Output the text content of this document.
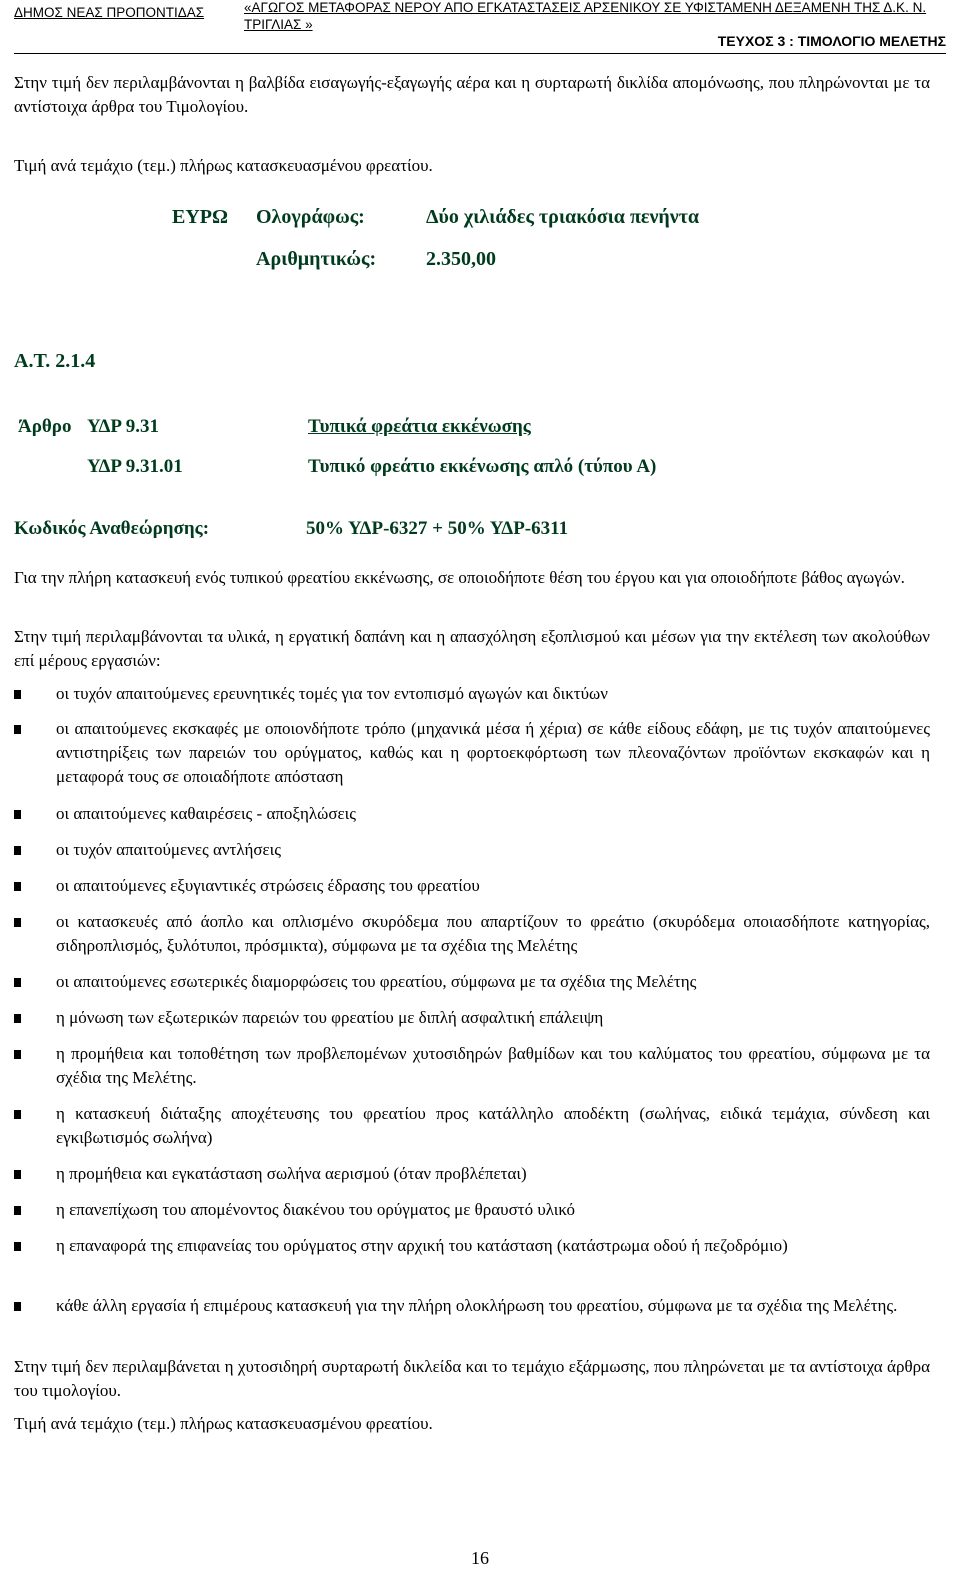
ΔΗΜΟΣ ΝΕΑΣ ΠΡΟΠΟΝΤΙΔΑΣ	«ΑΓΩΓΟΣ ΜΕΤΑΦΟΡΑΣ ΝΕΡΟΥ ΑΠΟ ΕΓΚΑΤΑΣΤΑΣΕΙΣ ΑΡΣΕΝΙΚΟΥ ΣΕ ΥΦΙΣΤΑΜΕΝΗ ΔΕΞΑΜΕΝΗ ΤΗΣ Δ.Κ. Ν. ΤΡΙΓΛΙΑΣ »
ΤΕΥΧΟΣ 3 : ΤΙΜΟΛΟΓΙΟ ΜΕΛΕΤΗΣ
Στην τιμή δεν περιλαμβάνονται η βαλβίδα εισαγωγής-εξαγωγής αέρα και η συρταρωτή δικλίδα απομόνωσης, που πληρώνονται με τα αντίστοιχα άρθρα του Τιμολογίου.
Τιμή ανά τεμάχιο (τεμ.) πλήρως κατασκευασμένου φρεατίου.
ΕΥΡΩ Ολογράφως:	Δύο χιλιάδες τριακόσια πενήντα
Αριθμητικώς: 2.350,00
Α.Τ. 2.1.4
Άρθρο ΥΔΡ 9.31	Τυπικά φρεάτια εκκένωσης
ΥΔΡ 9.31.01	Τυπικό φρεάτιο εκκένωσης απλό (τύπου Α)
Κωδικός Αναθεώρησης:	50% ΥΔΡ-6327 + 50% ΥΔΡ-6311
Για την πλήρη κατασκευή ενός τυπικού φρεατίου εκκένωσης, σε οποιοδήποτε θέση του έργου και για οποιοδήποτε βάθος αγωγών.
Στην τιμή περιλαμβάνονται τα υλικά, η εργατική δαπάνη και η απασχόληση εξοπλισμού και μέσων για την εκτέλεση των ακολούθων επί μέρους εργασιών:
οι τυχόν απαιτούμενες ερευνητικές τομές για τον εντοπισμό αγωγών και δικτύων
οι απαιτούμενες εκσκαφές με οποιονδήποτε τρόπο (μηχανικά μέσα ή χέρια) σε κάθε είδους εδάφη, με τις τυχόν απαιτούμενες αντιστηρίξεις των παρειών του ορύγματος, καθώς και η φορτοεκφόρτωση των πλεοναζόντων προϊόντων εκσκαφών και η μεταφορά τους σε οποιαδήποτε απόσταση
οι απαιτούμενες καθαιρέσεις - αποξηλώσεις
οι τυχόν απαιτούμενες αντλήσεις
οι απαιτούμενες εξυγιαντικές στρώσεις έδρασης του φρεατίου
οι κατασκευές από άοπλο και οπλισμένο σκυρόδεμα που απαρτίζουν το φρεάτιο (σκυρόδεμα οποιασδήποτε κατηγορίας, σιδηροπλισμός, ξυλότυποι, πρόσμικτα), σύμφωνα με τα σχέδια της Μελέτης
οι απαιτούμενες εσωτερικές διαμορφώσεις του φρεατίου, σύμφωνα με τα σχέδια της Μελέτης
η μόνωση των εξωτερικών παρειών του φρεατίου με διπλή ασφαλτική επάλειψη
η προμήθεια και τοποθέτηση των προβλεπομένων χυτοσιδηρών βαθμίδων και του καλύματος του φρεατίου, σύμφωνα με τα σχέδια της Μελέτης.
η κατασκευή διάταξης αποχέτευσης του φρεατίου προς κατάλληλο αποδέκτη (σωλήνας, ειδικά τεμάχια, σύνδεση και εγκιβωτισμός σωλήνα)
η προμήθεια και εγκατάσταση σωλήνα αερισμού (όταν προβλέπεται)
η επανεπίχωση του απομένοντος διακένου του ορύγματος με θραυστό υλικό
η επαναφορά της επιφανείας του ορύγματος στην αρχική του κατάσταση (κατάστρωμα οδού ή πεζοδρόμιο)
κάθε άλλη εργασία ή επιμέρους κατασκευή για την πλήρη ολοκλήρωση του φρεατίου, σύμφωνα με τα σχέδια της Μελέτης.
Στην τιμή δεν περιλαμβάνεται η χυτοσιδηρή συρταρωτή δικλείδα και το τεμάχιο εξάρμωσης, που πληρώνεται με τα αντίστοιχα άρθρα του τιμολογίου.
Τιμή ανά τεμάχιο (τεμ.) πλήρως κατασκευασμένου φρεατίου.
16
